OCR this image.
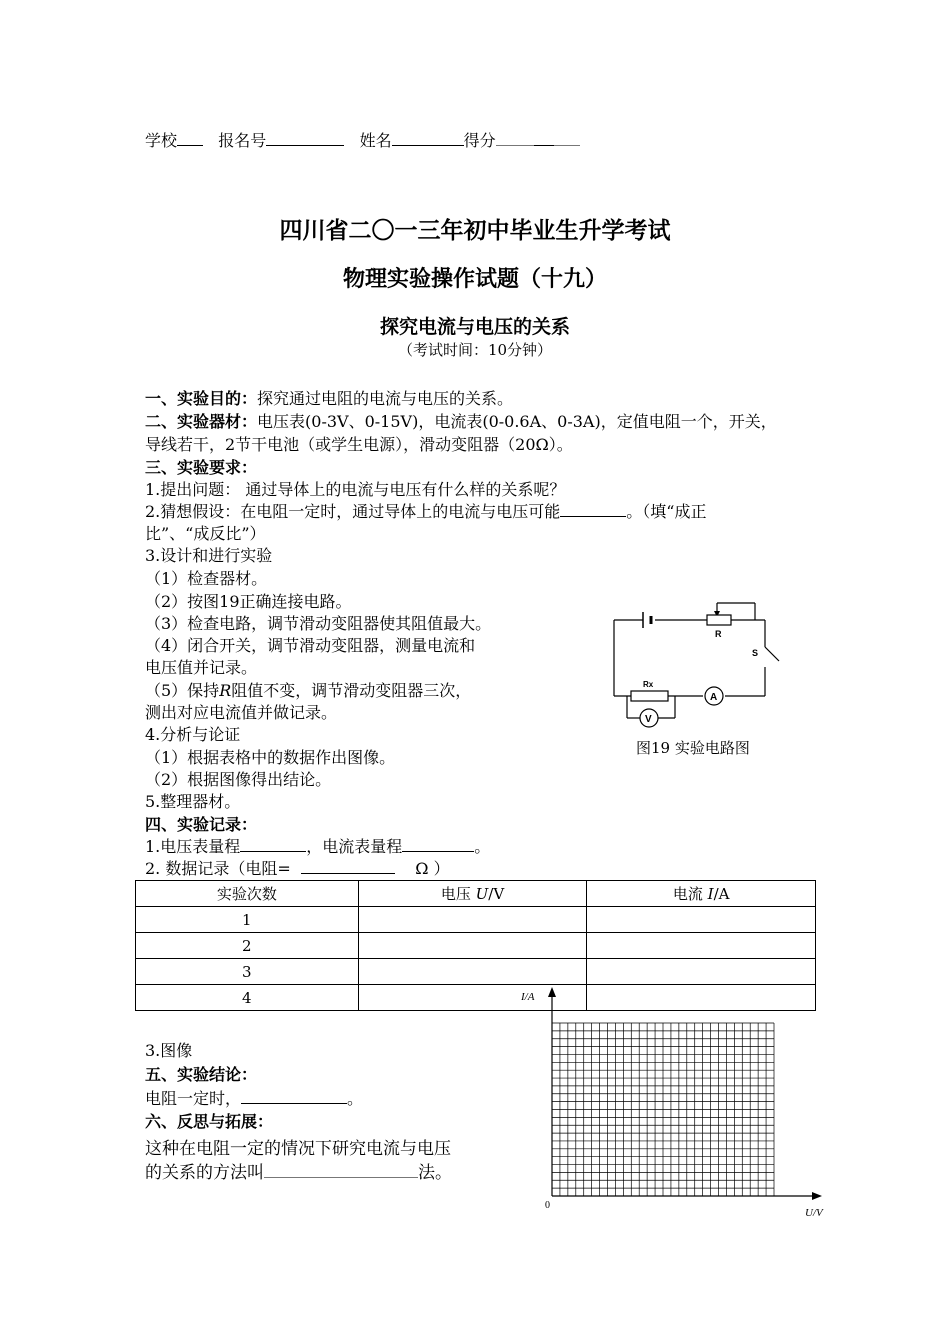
学校	报名号	姓名	得分
四川省二〇一三年初中毕业生升学考试
物理实验操作试题（十九）
探究电流与电压的关系
（考试时间：10分钟）
一、实验目的：探究通过电阻的电流与电压的关系。
二、实验器材：电压表(0-3V、0-15V)，电流表(0-0.6A、0-3A)，定值电阻一个，开关，
导线若干，2节干电池（或学生电源），滑动变阻器（20Ω）。
三、实验要求：
1.提出问题： 通过导体上的电流与电压有什么样的关系呢？
2.猜想假设：在电阻一定时，通过导体上的电流与电压可能	。（填“成正
比”、“成反比”）
3.设计和进行实验
（1）检查器材。
（2）按图19正确连接电路。
（3）检查电路，调节滑动变阻器使其阻值最大。
（4）闭合开关，调节滑动变阻器，测量电流和
电压值并记录。
（5）保持R阻值不变，调节滑动变阻器三次，
测出对应电流值并做记录。
4.分析与论证
（1）根据表格中的数据作出图像。
（2）根据图像得出结论。
5.整理器材。
R
S
Rx
A
V
图19 实验电路图
四、实验记录：
1.电压表量程	，电流表量程	。
2. 数据记录（电阻=	Ω ）
实验次数	电压 U/V	电流 I/A
1		
2		
3		
4			I/A
U/V
0
3.图像
五、实验结论：
电阻一定时，	。
六、反思与拓展：
这种在电阻一定的情况下研究电流与电压
的关系的方法叫	法。
